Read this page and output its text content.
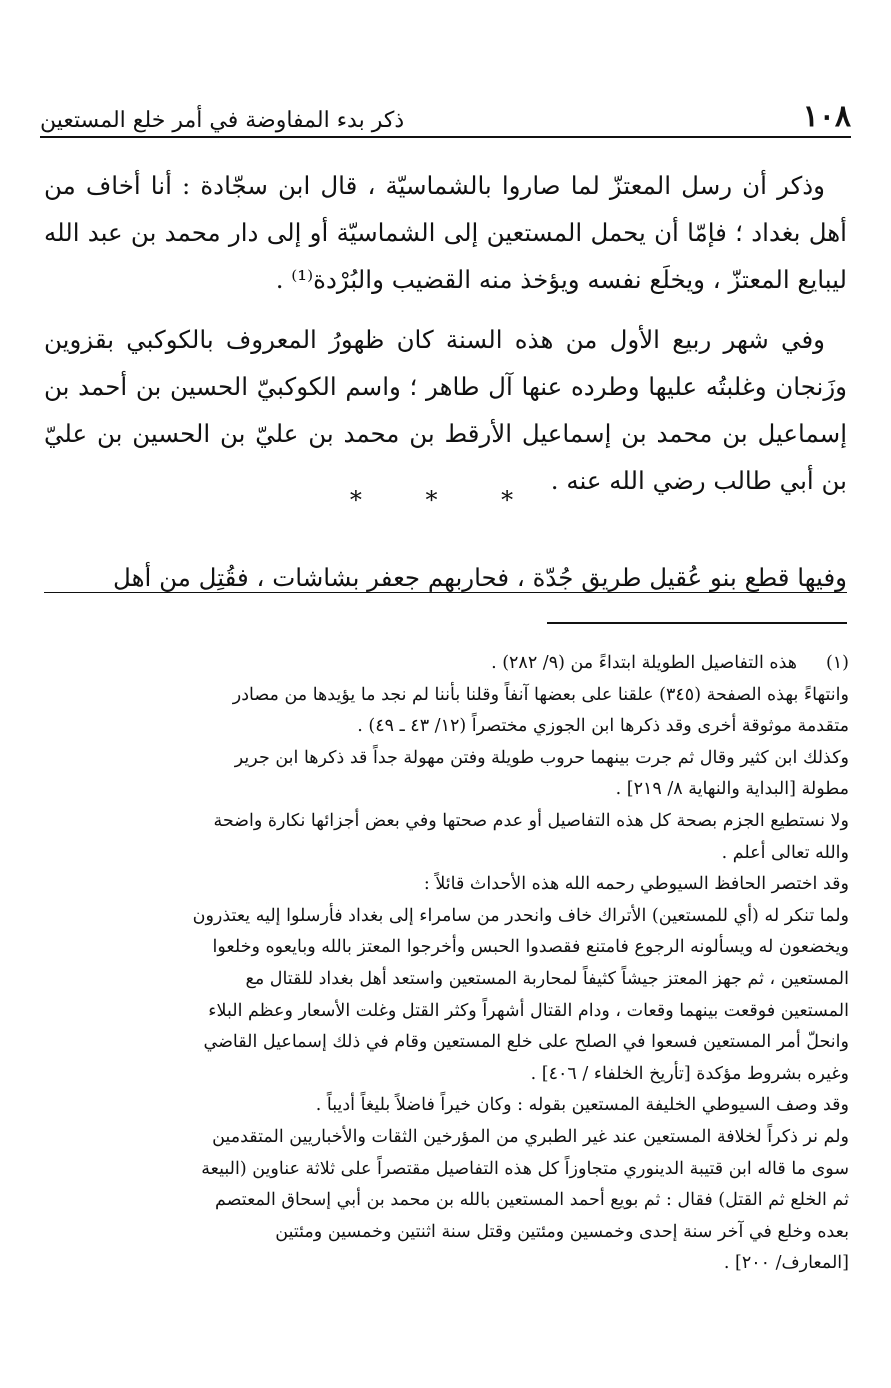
١٠٨
ذكر بدء المفاوضة في أمر خلع المستعين

وذكر أن رسل المعتزّ لما صاروا بالشماسيّة ، قال ابن سجّادة : أنا أخاف من أهل بغداد ؛ فإمّا أن يحمل المستعين إلى الشماسيّة أو إلى دار محمد بن عبد الله ليبايع المعتزّ ، ويخلَع نفسه ويؤخذ منه القضيب والبُرْدة⁽¹⁾ .

وفي شهر ربيع الأول من هذه السنة كان ظهورُ المعروف بالكوكبي بقزوين وزَنجان وغلبتُه عليها وطرده عنها آل طاهر ؛ واسم الكوكبيّ الحسين بن أحمد بن إسماعيل بن محمد بن إسماعيل الأرقط بن محمد بن عليّ بن الحسين بن عليّ بن أبي طالب رضي الله عنه .

* * *
وفيها قطع بنو عُقيل طريق جُدّة ، فحاربهم جعفر بشاشات ، فقُتِل من أهل
(١)
هذه التفاصيل الطويلة ابتداءً من (٩/ ٢٨٢) .

وانتهاءً بهذه الصفحة (٣٤٥) علقنا على بعضها آنفاً وقلنا بأننا لم نجد ما يؤيدها من مصادر

متقدمة موثوقة أخرى وقد ذكرها ابن الجوزي مختصراً (١٢/ ٤٣ ـ ٤٩) .

وكذلك ابن كثير وقال ثم جرت بينهما حروب طويلة وفتن مهولة جداً قد ذكرها ابن جرير

مطولة [البداية والنهاية ٨/ ٢١٩] .

ولا نستطيع الجزم بصحة كل هذه التفاصيل أو عدم صحتها وفي بعض أجزائها نكارة واضحة

والله تعالى أعلم .

وقد اختصر الحافظ السيوطي رحمه الله هذه الأحداث قائلاً :

ولما تنكر له (أي للمستعين) الأتراك خاف وانحدر من سامراء إلى بغداد فأرسلوا إليه يعتذرون

ويخضعون له ويسألونه الرجوع فامتنع فقصدوا الحبس وأخرجوا المعتز بالله وبايعوه وخلعوا

المستعين ، ثم جهز المعتز جيشاً كثيفاً لمحاربة المستعين واستعد أهل بغداد للقتال مع

المستعين فوقعت بينهما وقعات ، ودام القتال أشهراً وكثر القتل وغلت الأسعار وعظم البلاء

وانحلّ أمر المستعين فسعوا في الصلح على خلع المستعين وقام في ذلك إسماعيل القاضي

وغيره بشروط مؤكدة [تأريخ الخلفاء / ٤٠٦] .

وقد وصف السيوطي الخليفة المستعين بقوله : وكان خيراً فاضلاً بليغاً أديباً .

ولم نر ذكراً لخلافة المستعين عند غير الطبري من المؤرخين الثقات والأخباريين المتقدمين

سوى ما قاله ابن قتيبة الدينوري متجاوزاً كل هذه التفاصيل مقتصراً على ثلاثة عناوين (البيعة

ثم الخلع ثم القتل) فقال : ثم بويع أحمد المستعين بالله بن محمد بن أبي إسحاق المعتصم

بعده وخلع في آخر سنة إحدى وخمسين ومئتين وقتل سنة اثنتين وخمسين ومئتين

[المعارف/ ٢٠٠] .
